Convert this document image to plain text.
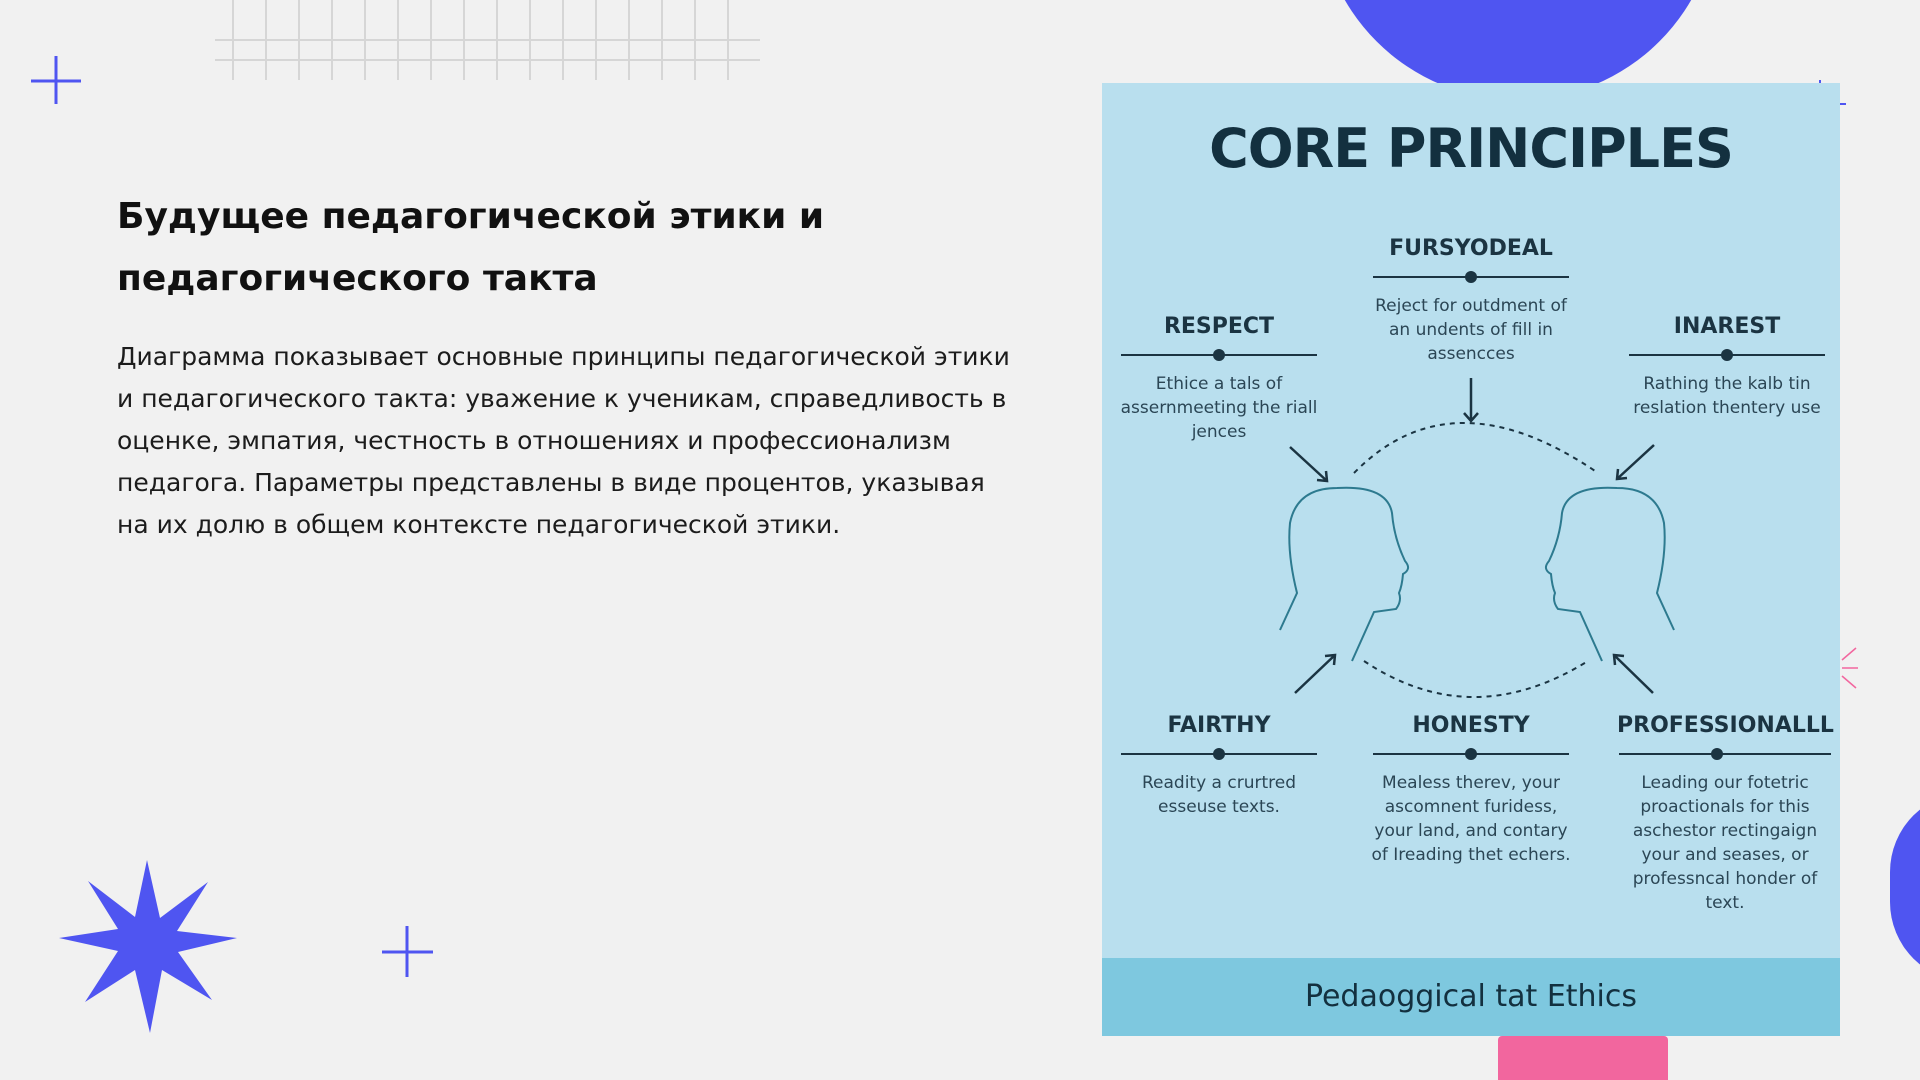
Будущее педагогической этики и педагогического такта

Диаграмма показывает основные принципы педагогической этики и педагогического такта: уважение к ученикам, справедливость в оценке, эмпатия, честность в отношениях и профессионализм педагога. Параметры представлены в виде процентов, указывая на их долю в общем контексте педагогической этики.

CORE PRINCIPLES
FURSYODEAL
Reject for outdment of an undents of fill in assencces
RESPECT
Ethice a tals of assernmeeting the riall jences
INAREST
Rathing the kalb tin reslation thentery use
FAIRTHY
Readity a crurtred esseuse texts.
HONESTY
Mealess therev, your ascomnent furidess, your land, and contary of Ireading thet echers.
PROFESSIONALLL
Leading our fotetric proactionals for this aschestor rectingaign your and seases, or professncal honder of text.
Pedaoggical tat Ethics
